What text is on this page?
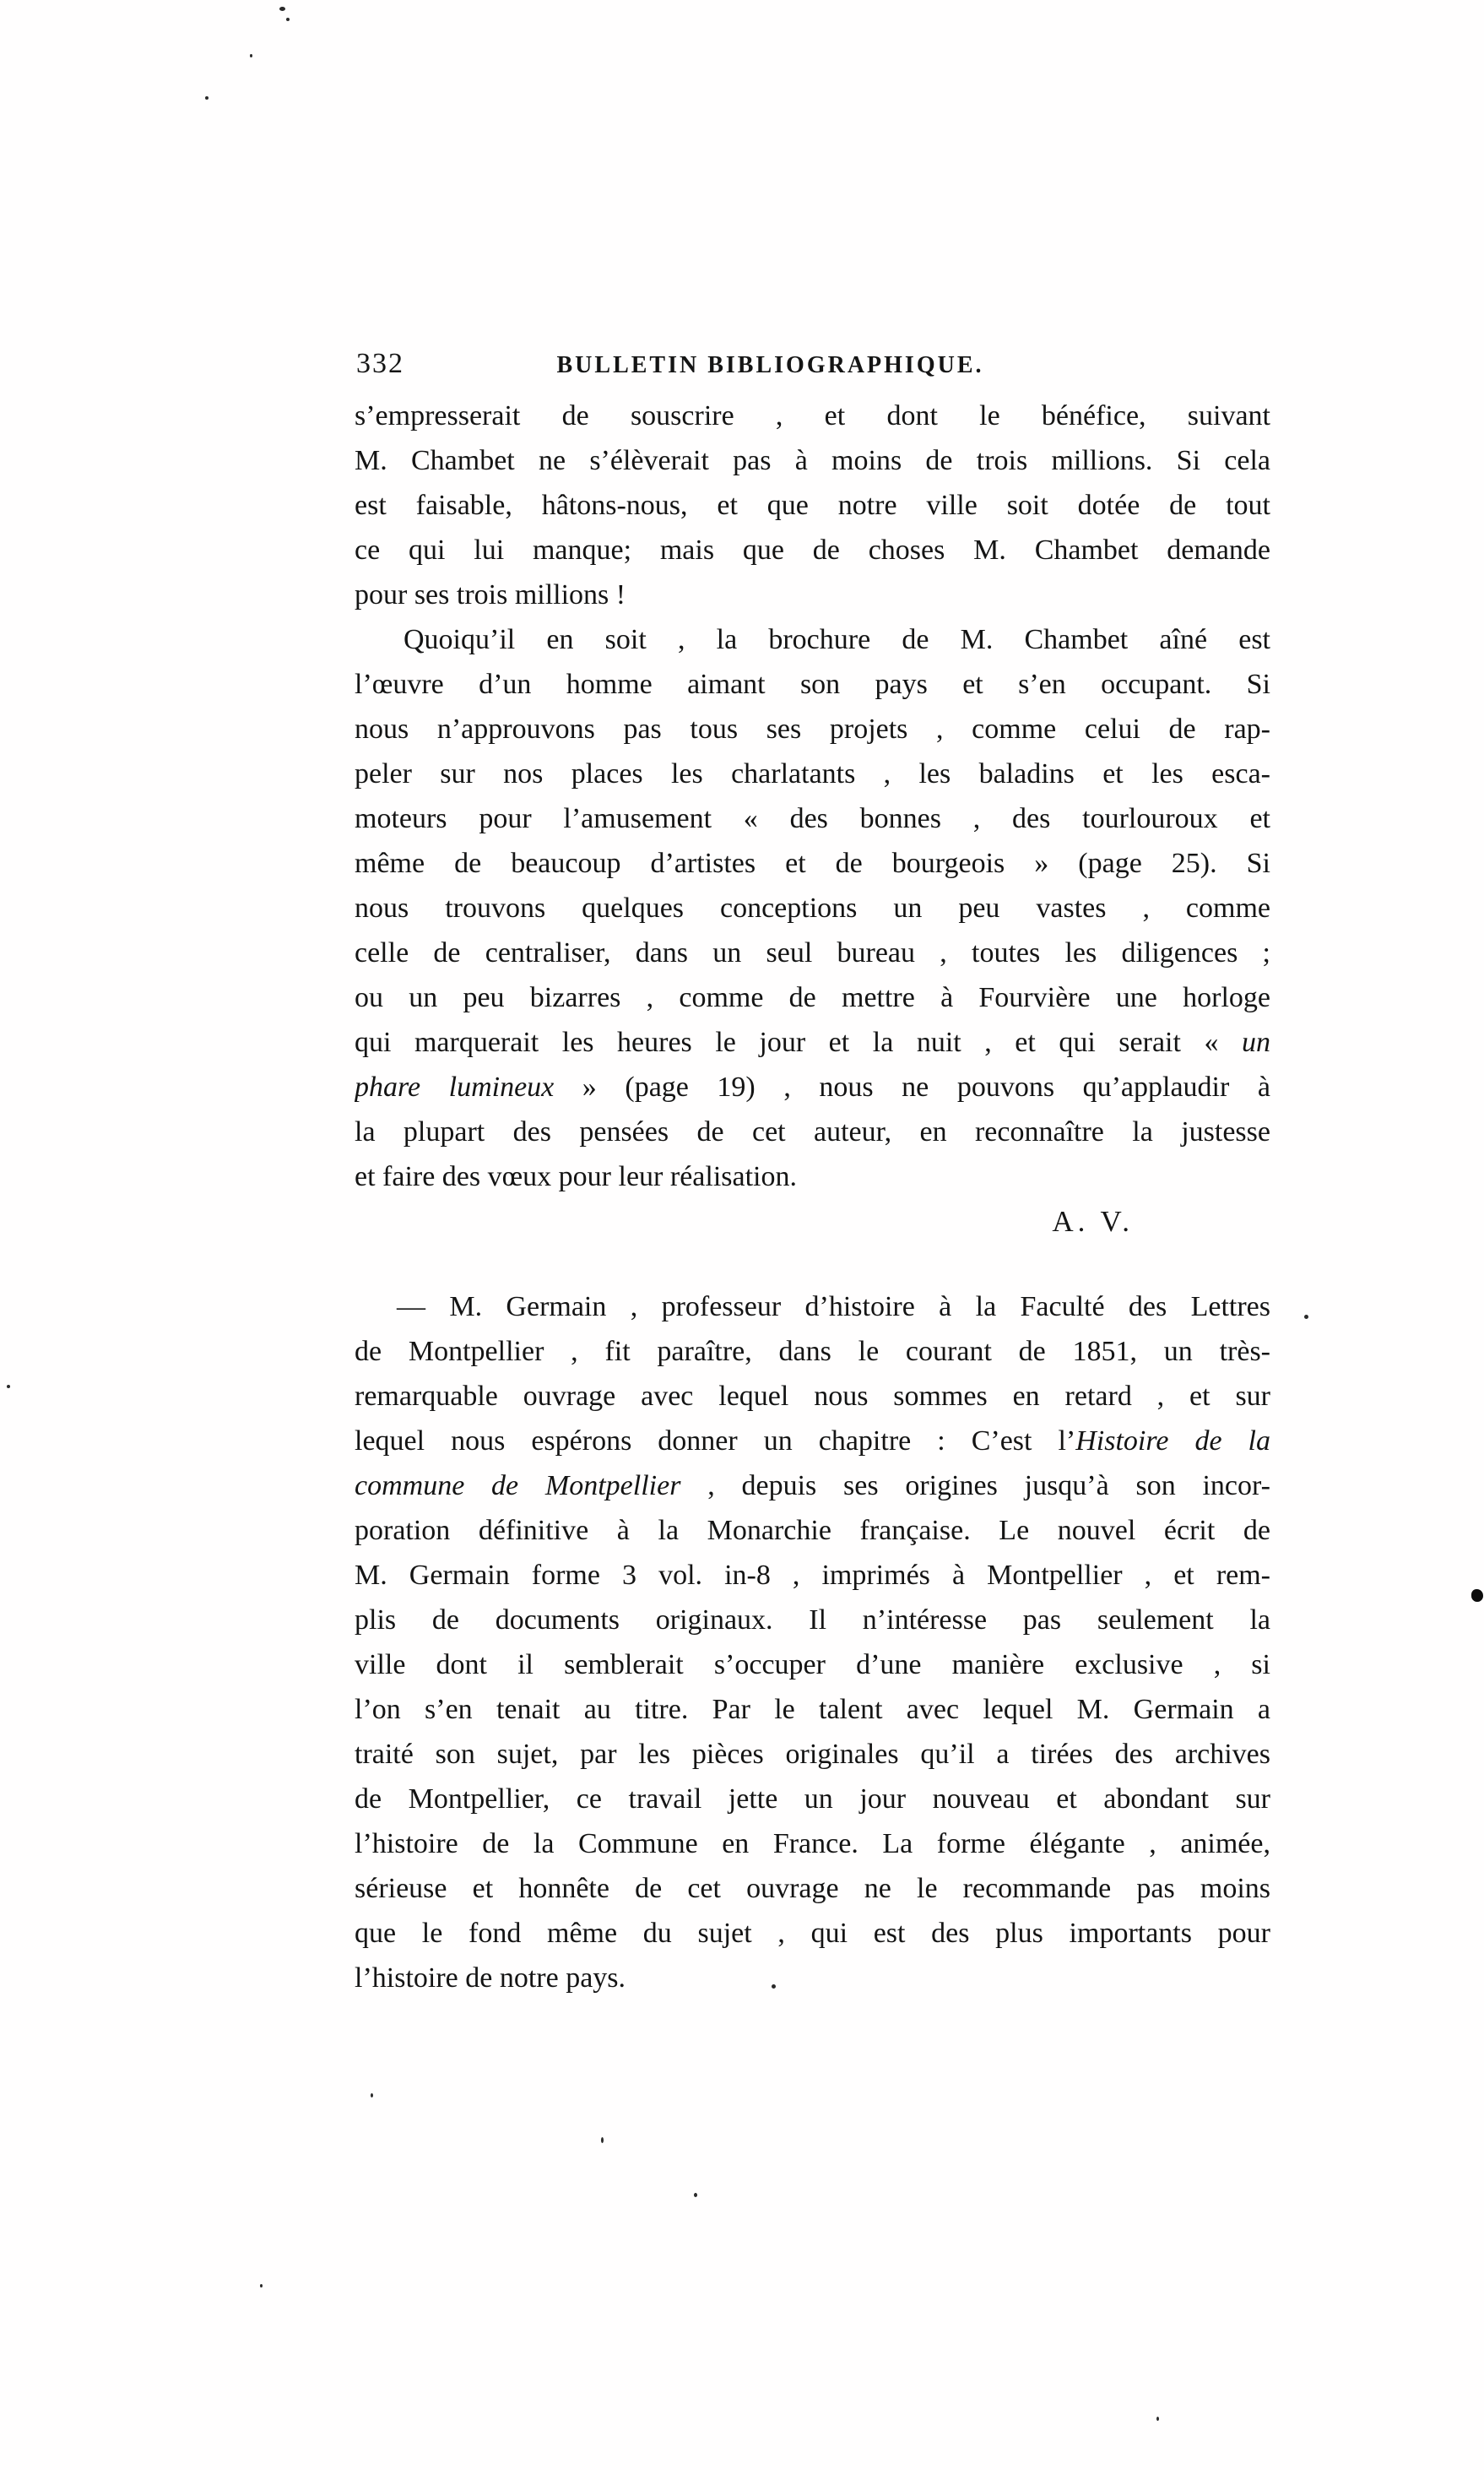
332	BULLETIN BIBLIOGRAPHIQUE.
s’empresserait de souscrire , et dont le bénéfice, suivant
M. Chambet ne s’élèverait pas à moins de trois millions. Si cela
est faisable, hâtons-nous, et que notre ville soit dotée de tout
ce qui lui manque; mais que de choses M. Chambet demande
pour ses trois millions !
Quoiqu’il en soit , la brochure de M. Chambet aîné est
l’œuvre d’un homme aimant son pays et s’en occupant. Si
nous n’approuvons pas tous ses projets , comme celui de rap-
peler sur nos places les charlatants , les baladins et les esca-
moteurs pour l’amusement « des bonnes , des tourlouroux et
même de beaucoup d’artistes et de bourgeois » (page 25). Si
nous trouvons quelques conceptions un peu vastes , comme
celle de centraliser, dans un seul bureau , toutes les diligences ;
ou un peu bizarres , comme de mettre à Fourvière une horloge
qui marquerait les heures le jour et la nuit , et qui serait « un
phare lumineux » (page 19) , nous ne pouvons qu’applaudir à
la plupart des pensées de cet auteur, en reconnaître la justesse
et faire des vœux pour leur réalisation.
A. V.
— M. Germain , professeur d’histoire à la Faculté des Lettres
de Montpellier , fit paraître, dans le courant de 1851, un très-
remarquable ouvrage avec lequel nous sommes en retard , et sur
lequel nous espérons donner un chapitre : C’est l’Histoire de la
commune de Montpellier , depuis ses origines jusqu’à son incor-
poration définitive à la Monarchie française. Le nouvel écrit de
M. Germain forme 3 vol. in-8 , imprimés à Montpellier , et rem-
plis de documents originaux. Il n’intéresse pas seulement la
ville dont il semblerait s’occuper d’une manière exclusive , si
l’on s’en tenait au titre. Par le talent avec lequel M. Germain a
traité son sujet, par les pièces originales qu’il a tirées des archives
de Montpellier, ce travail jette un jour nouveau et abondant sur
l’histoire de la Commune en France. La forme élégante , animée,
sérieuse et honnête de cet ouvrage ne le recommande pas moins
que le fond même du sujet , qui est des plus importants pour
l’histoire de notre pays.
